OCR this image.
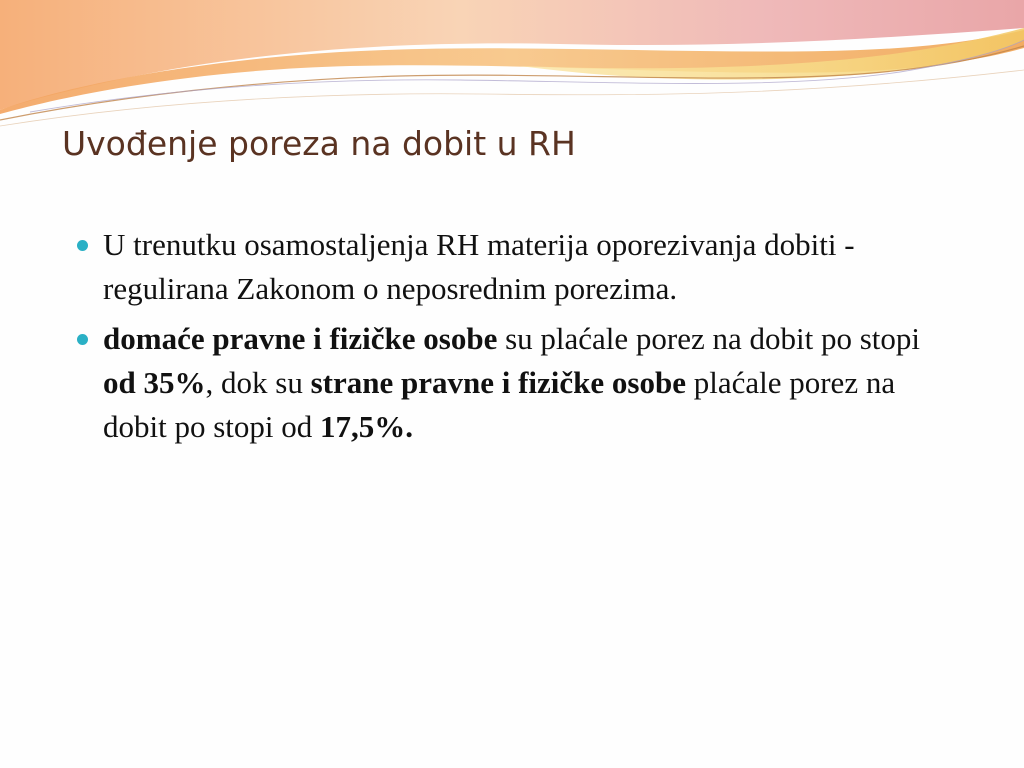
Uvođenje poreza na dobit u RH
U trenutku osamostaljenja RH materija oporezivanja dobiti - regulirana Zakonom o neposrednim porezima.
domaće pravne i fizičke osobe su plaćale porez na dobit po stopi od 35%, dok su strane pravne i fizičke osobe plaćale porez na dobit po stopi od 17,5%.
